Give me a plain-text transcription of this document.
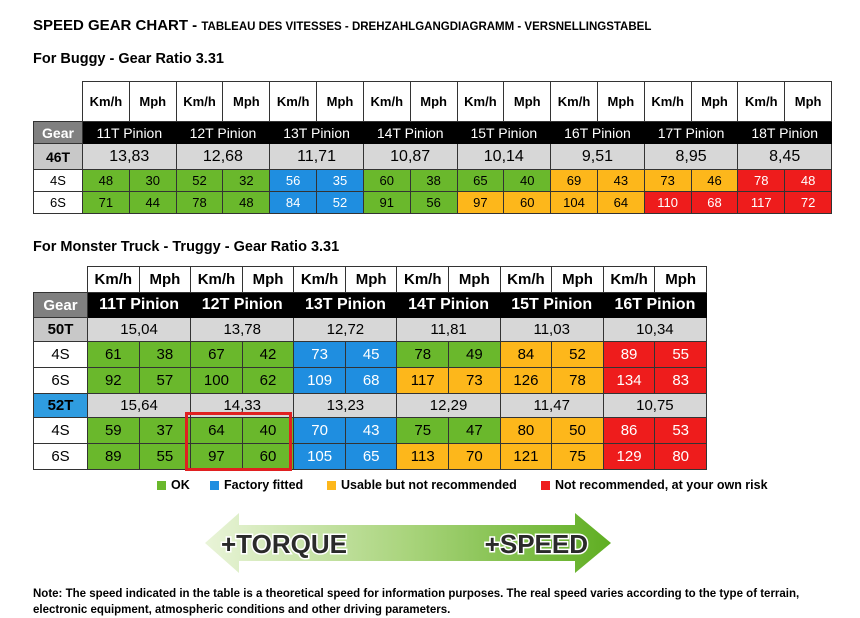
SPEED GEAR CHART - TABLEAU DES VITESSES - DREHZAHLGANGDIAGRAMM - VERSNELLINGSTABEL
For Buggy - Gear Ratio 3.31
	Km/h	Mph	Km/h	Mph	Km/h	Mph	Km/h	Mph	Km/h	Mph	Km/h	Mph	Km/h	Mph	Km/h	Mph
Gear	11T Pinion		12T Pinion		13T Pinion		14T Pinion		15T Pinion		16T Pinion		17T Pinion		18T Pinion	
46T	13,83		12,68		11,71		10,87		10,14		9,51		8,95		8,45	
4S	48	30	52	32	56	35	60	38	65	40	69	43	73	46	78	48
6S	71	44	78	48	84	52	91	56	97	60	104	64	110	68	117	72
For Monster Truck - Truggy - Gear Ratio 3.31
	Km/h	Mph	Km/h	Mph	Km/h	Mph	Km/h	Mph	Km/h	Mph	Km/h	Mph
Gear	11T Pinion		12T Pinion		13T Pinion		14T Pinion		15T Pinion		16T Pinion	
50T	15,04		13,78		12,72		11,81		11,03		10,34	
4S	61	38	67	42	73	45	78	49	84	52	89	55
6S	92	57	100	62	109	68	117	73	126	78	134	83
52T	15,64		14,33		13,23		12,29		11,47		10,75	
4S	59	37	64	40	70	43	75	47	80	50	86	53
6S	89	55	97	60	105	65	113	70	121	75	129	80
OK	Factory fitted	Usable but not recommended	Not recommended, at your own risk
+TORQUE	+SPEED
Note: The speed indicated in the table is a theoretical speed for information purposes. The real speed varies according to the type of terrain, electronic equipment, atmospheric conditions and other driving parameters.
